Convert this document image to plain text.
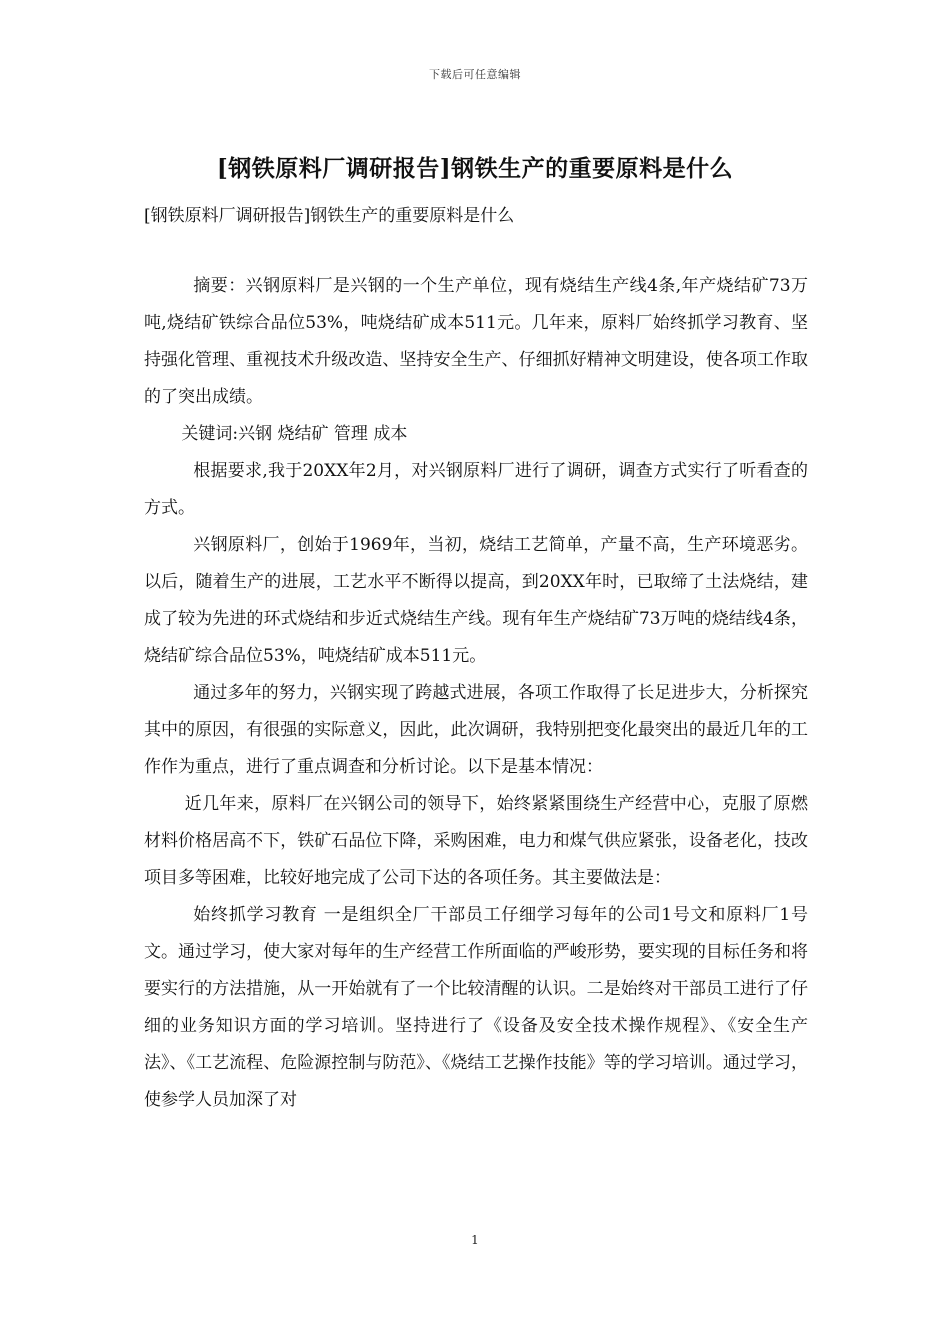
下载后可任意编辑
[钢铁原料厂调研报告]钢铁生产的重要原料是什么
[钢铁原料厂调研报告]钢铁生产的重要原料是什么

摘要：兴钢原料厂是兴钢的一个生产单位，现有烧结生产线4条,年产烧结矿73万吨,烧结矿铁综合品位53%，吨烧结矿成本511元。几年来，原料厂始终抓学习教育、坚持强化管理、重视技术升级改造、坚持安全生产、仔细抓好精神文明建设，使各项工作取的了突出成绩。

关键词:兴钢 烧结矿 管理 成本

根据要求,我于20XX年2月，对兴钢原料厂进行了调研，调查方式实行了听看查的方式。

兴钢原料厂，创始于1969年，当初，烧结工艺简单，产量不高，生产环境恶劣。以后，随着生产的进展，工艺水平不断得以提高，到20XX年时，已取缔了土法烧结，建成了较为先进的环式烧结和步近式烧结生产线。现有年生产烧结矿73万吨的烧结线4条，烧结矿综合品位53%，吨烧结矿成本511元。

通过多年的努力，兴钢实现了跨越式进展，各项工作取得了长足进步大，分析探究其中的原因，有很强的实际意义，因此，此次调研，我特别把变化最突出的最近几年的工作作为重点，进行了重点调查和分析讨论。以下是基本情况：

近几年来，原料厂在兴钢公司的领导下，始终紧紧围绕生产经营中心，克服了原燃材料价格居高不下，铁矿石品位下降，采购困难，电力和煤气供应紧张，设备老化，技改项目多等困难，比较好地完成了公司下达的各项任务。其主要做法是：

始终抓学习教育 一是组织全厂干部员工仔细学习每年的公司1号文和原料厂1号文。通过学习，使大家对每年的生产经营工作所面临的严峻形势，要实现的目标任务和将要实行的方法措施，从一开始就有了一个比较清醒的认识。二是始终对干部员工进行了仔细的业务知识方面的学习培训。坚持进行了《设备及安全技术操作规程》、《安全生产法》、《工艺流程、危险源控制与防范》、《烧结工艺操作技能》等的学习培训。通过学习，使参学人员加深了对

1
